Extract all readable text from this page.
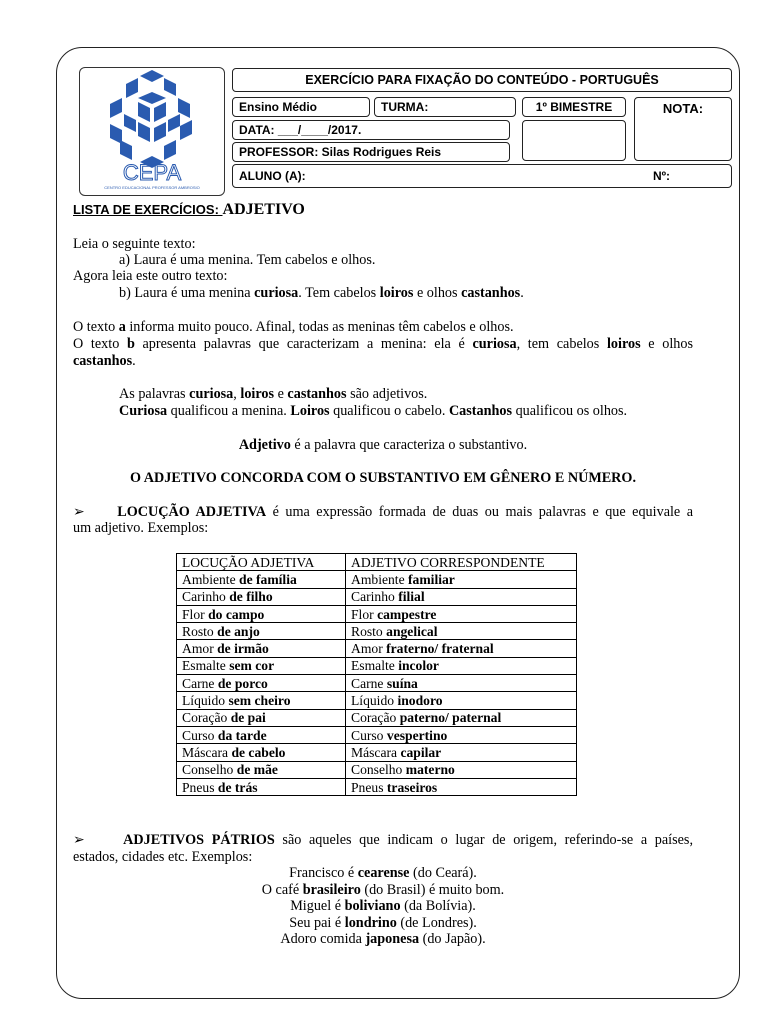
CEPA
CENTRO EDUCACIONAL PROFESSOR AMBROSIO
EXERCÍCIO PARA FIXAÇÃO DO CONTEÚDO - PORTUGUÊS
Ensino Médio	TURMA:	1º BIMESTRE	NOTA:
DATA: ___/____/2017.
PROFESSOR: Silas Rodrigues Reis
ALUNO (A):	Nº:
LISTA DE EXERCÍCIOS: ADJETIVO
Leia o seguinte texto:
a) Laura é uma menina. Tem cabelos e olhos.
Agora leia este outro texto:
b) Laura é uma menina curiosa. Tem cabelos loiros e olhos castanhos.
O texto a informa muito pouco. Afinal, todas as meninas têm cabelos e olhos.
O texto b apresenta palavras que caracterizam a menina: ela é curiosa, tem cabelos loiros e olhos
castanhos.
As palavras curiosa, loiros e castanhos são adjetivos.
Curiosa qualificou a menina. Loiros qualificou o cabelo. Castanhos qualificou os olhos.
Adjetivo é a palavra que caracteriza o substantivo.
O ADJETIVO CONCORDA COM O SUBSTANTIVO EM GÊNERO E NÚMERO.
➢ LOCUÇÃO ADJETIVA é uma expressão formada de duas ou mais palavras e que equivale a
um adjetivo. Exemplos:
LOCUÇÃO ADJETIVA	ADJETIVO CORRESPONDENTE
Ambiente de família	Ambiente familiar
Carinho de filho	Carinho filial
Flor do campo	Flor campestre
Rosto de anjo	Rosto angelical
Amor de irmão	Amor fraterno/ fraternal
Esmalte sem cor	Esmalte incolor
Carne de porco	Carne suína
Líquido sem cheiro	Líquido inodoro
Coração de pai	Coração paterno/ paternal
Curso da tarde	Curso vespertino
Máscara de cabelo	Máscara capilar
Conselho de mãe	Conselho materno
Pneus de trás	Pneus traseiros
➢	ADJETIVOS PÁTRIOS são aqueles que indicam o lugar de origem, referindo-se a países,
estados, cidades etc. Exemplos:
Francisco é cearense (do Ceará).
O café brasileiro (do Brasil) é muito bom.
Miguel é boliviano (da Bolívia).
Seu pai é londrino (de Londres).
Adoro comida japonesa (do Japão).
